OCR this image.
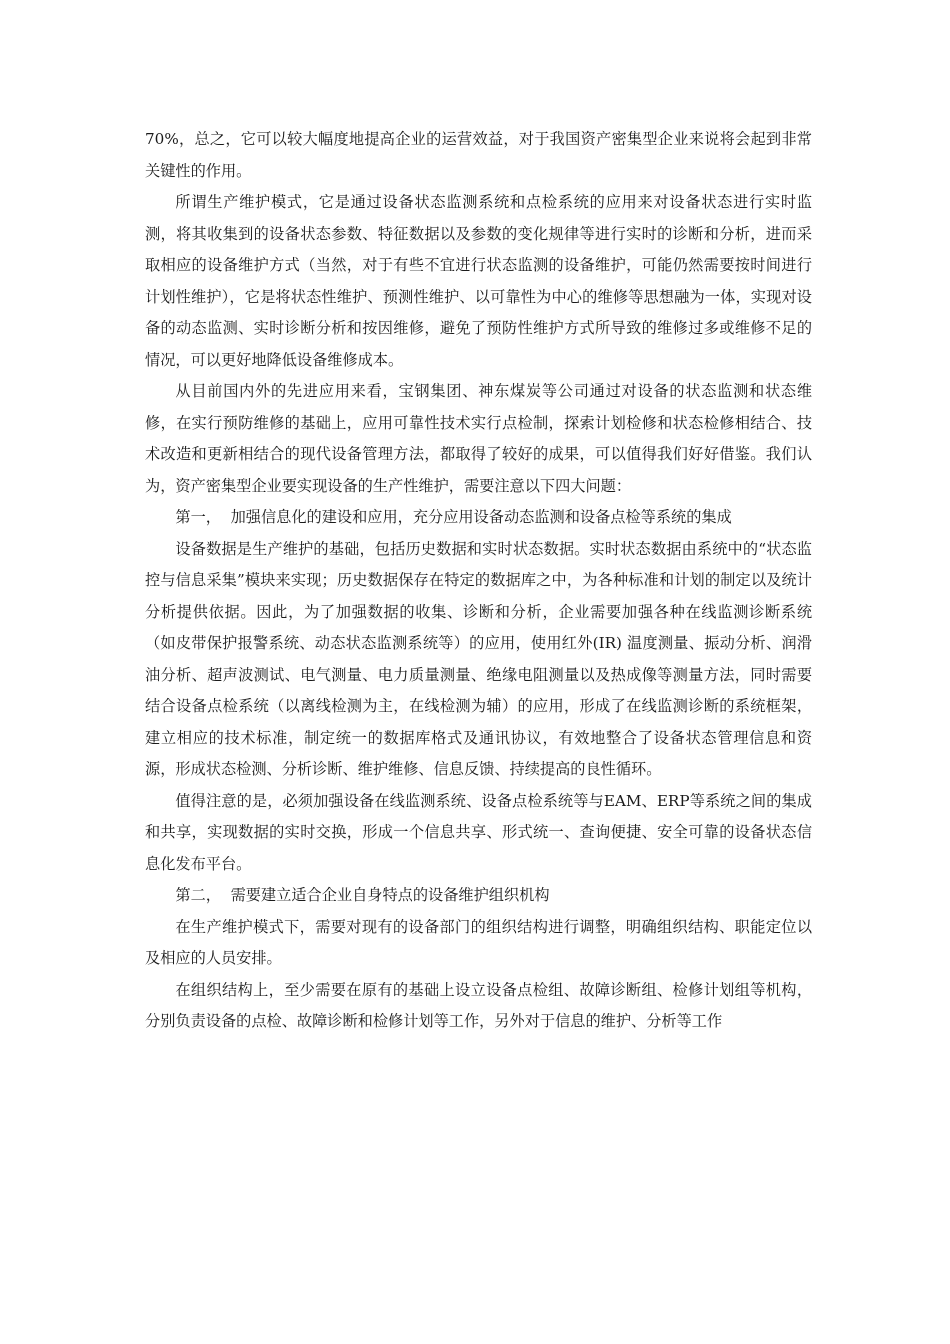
70%，总之，它可以较大幅度地提高企业的运营效益，对于我国资产密集型企业来说将会起到非常关键性的作用。

所谓生产维护模式，它是通过设备状态监测系统和点检系统的应用来对设备状态进行实时监测，将其收集到的设备状态参数、特征数据以及参数的变化规律等进行实时的诊断和分析，进而采取相应的设备维护方式（当然，对于有些不宜进行状态监测的设备维护，可能仍然需要按时间进行计划性维护），它是将状态性维护、预测性维护、以可靠性为中心的维修等思想融为一体，实现对设备的动态监测、实时诊断分析和按因维修，避免了预防性维护方式所导致的维修过多或维修不足的情况，可以更好地降低设备维修成本。

从目前国内外的先进应用来看，宝钢集团、神东煤炭等公司通过对设备的状态监测和状态维修，在实行预防维修的基础上，应用可靠性技术实行点检制，探索计划检修和状态检修相结合、技术改造和更新相结合的现代设备管理方法，都取得了较好的成果，可以值得我们好好借鉴。我们认为，资产密集型企业要实现设备的生产性维护，需要注意以下四大问题：

第一，  加强信息化的建设和应用，充分应用设备动态监测和设备点检等系统的集成

设备数据是生产维护的基础，包括历史数据和实时状态数据。实时状态数据由系统中的“状态监控与信息采集”模块来实现；历史数据保存在特定的数据库之中，为各种标准和计划的制定以及统计分析提供依据。因此，为了加强数据的收集、诊断和分析，企业需要加强各种在线监测诊断系统（如皮带保护报警系统、动态状态监测系统等）的应用，使用红外(IR) 温度测量、振动分析、润滑油分析、超声波测试、电气测量、电力质量测量、绝缘电阻测量以及热成像等测量方法，同时需要结合设备点检系统（以离线检测为主，在线检测为辅）的应用，形成了在线监测诊断的系统框架，建立相应的技术标准，制定统一的数据库格式及通讯协议，有效地整合了设备状态管理信息和资源，形成状态检测、分析诊断、维护维修、信息反馈、持续提高的良性循环。

值得注意的是，必须加强设备在线监测系统、设备点检系统等与EAM、ERP等系统之间的集成和共享，实现数据的实时交换，形成一个信息共享、形式统一、查询便捷、安全可靠的设备状态信息化发布平台。

第二，  需要建立适合企业自身特点的设备维护组织机构

在生产维护模式下，需要对现有的设备部门的组织结构进行调整，明确组织结构、职能定位以及相应的人员安排。

在组织结构上，至少需要在原有的基础上设立设备点检组、故障诊断组、检修计划组等机构，分别负责设备的点检、故障诊断和检修计划等工作，另外对于信息的维护、分析等工作
